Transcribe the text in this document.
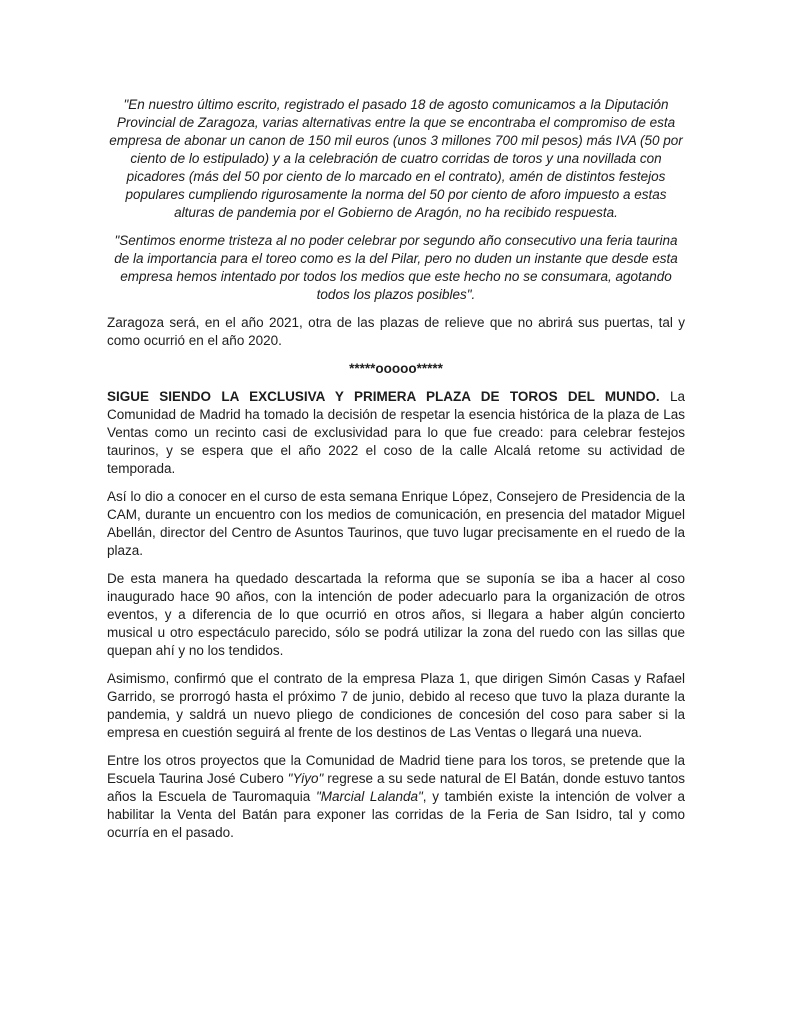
"En nuestro último escrito, registrado el pasado 18 de agosto comunicamos a la Diputación Provincial de Zaragoza, varias alternativas entre la que se encontraba el compromiso de esta empresa de abonar un canon de 150 mil euros (unos 3 millones 700 mil pesos) más IVA (50 por ciento de lo estipulado) y a la celebración de cuatro corridas de toros y una novillada con picadores (más del 50 por ciento de lo marcado en el contrato), amén de distintos festejos populares cumpliendo rigurosamente la norma del 50 por ciento de aforo impuesto a estas alturas de pandemia por el Gobierno de Aragón, no ha recibido respuesta.

"Sentimos enorme tristeza al no poder celebrar por segundo año consecutivo una feria taurina de la importancia para el toreo como es la del Pilar, pero no duden un instante que desde esta empresa hemos intentado por todos los medios que este hecho no se consumara, agotando todos los plazos posibles".

Zaragoza será, en el año 2021, otra de las plazas de relieve que no abrirá sus puertas, tal y como ocurrió en el año 2020.

*****ooooo*****

SIGUE SIENDO LA EXCLUSIVA Y PRIMERA PLAZA DE TOROS DEL MUNDO. La Comunidad de Madrid ha tomado la decisión de respetar la esencia histórica de la plaza de Las Ventas como un recinto casi de exclusividad para lo que fue creado: para celebrar festejos taurinos, y se espera que el año 2022 el coso de la calle Alcalá retome su actividad de temporada.

Así lo dio a conocer en el curso de esta semana Enrique López, Consejero de Presidencia de la CAM, durante un encuentro con los medios de comunicación, en presencia del matador Miguel Abellán, director del Centro de Asuntos Taurinos, que tuvo lugar precisamente en el ruedo de la plaza.

De esta manera ha quedado descartada la reforma que se suponía se iba a hacer al coso inaugurado hace 90 años, con la intención de poder adecuarlo para la organización de otros eventos, y a diferencia de lo que ocurrió en otros años, si llegara a haber algún concierto musical u otro espectáculo parecido, sólo se podrá utilizar la zona del ruedo con las sillas que quepan ahí y no los tendidos.

Asimismo, confirmó que el contrato de la empresa Plaza 1, que dirigen Simón Casas y Rafael Garrido, se prorrogó hasta el próximo 7 de junio, debido al receso que tuvo la plaza durante la pandemia, y saldrá un nuevo pliego de condiciones de concesión del coso para saber si la empresa en cuestión seguirá al frente de los destinos de Las Ventas o llegará una nueva.

Entre los otros proyectos que la Comunidad de Madrid tiene para los toros, se pretende que la Escuela Taurina José Cubero "Yiyo" regrese a su sede natural de El Batán, donde estuvo tantos años la Escuela de Tauromaquia "Marcial Lalanda", y también existe la intención de volver a habilitar la Venta del Batán para exponer las corridas de la Feria de San Isidro, tal y como ocurría en el pasado.
